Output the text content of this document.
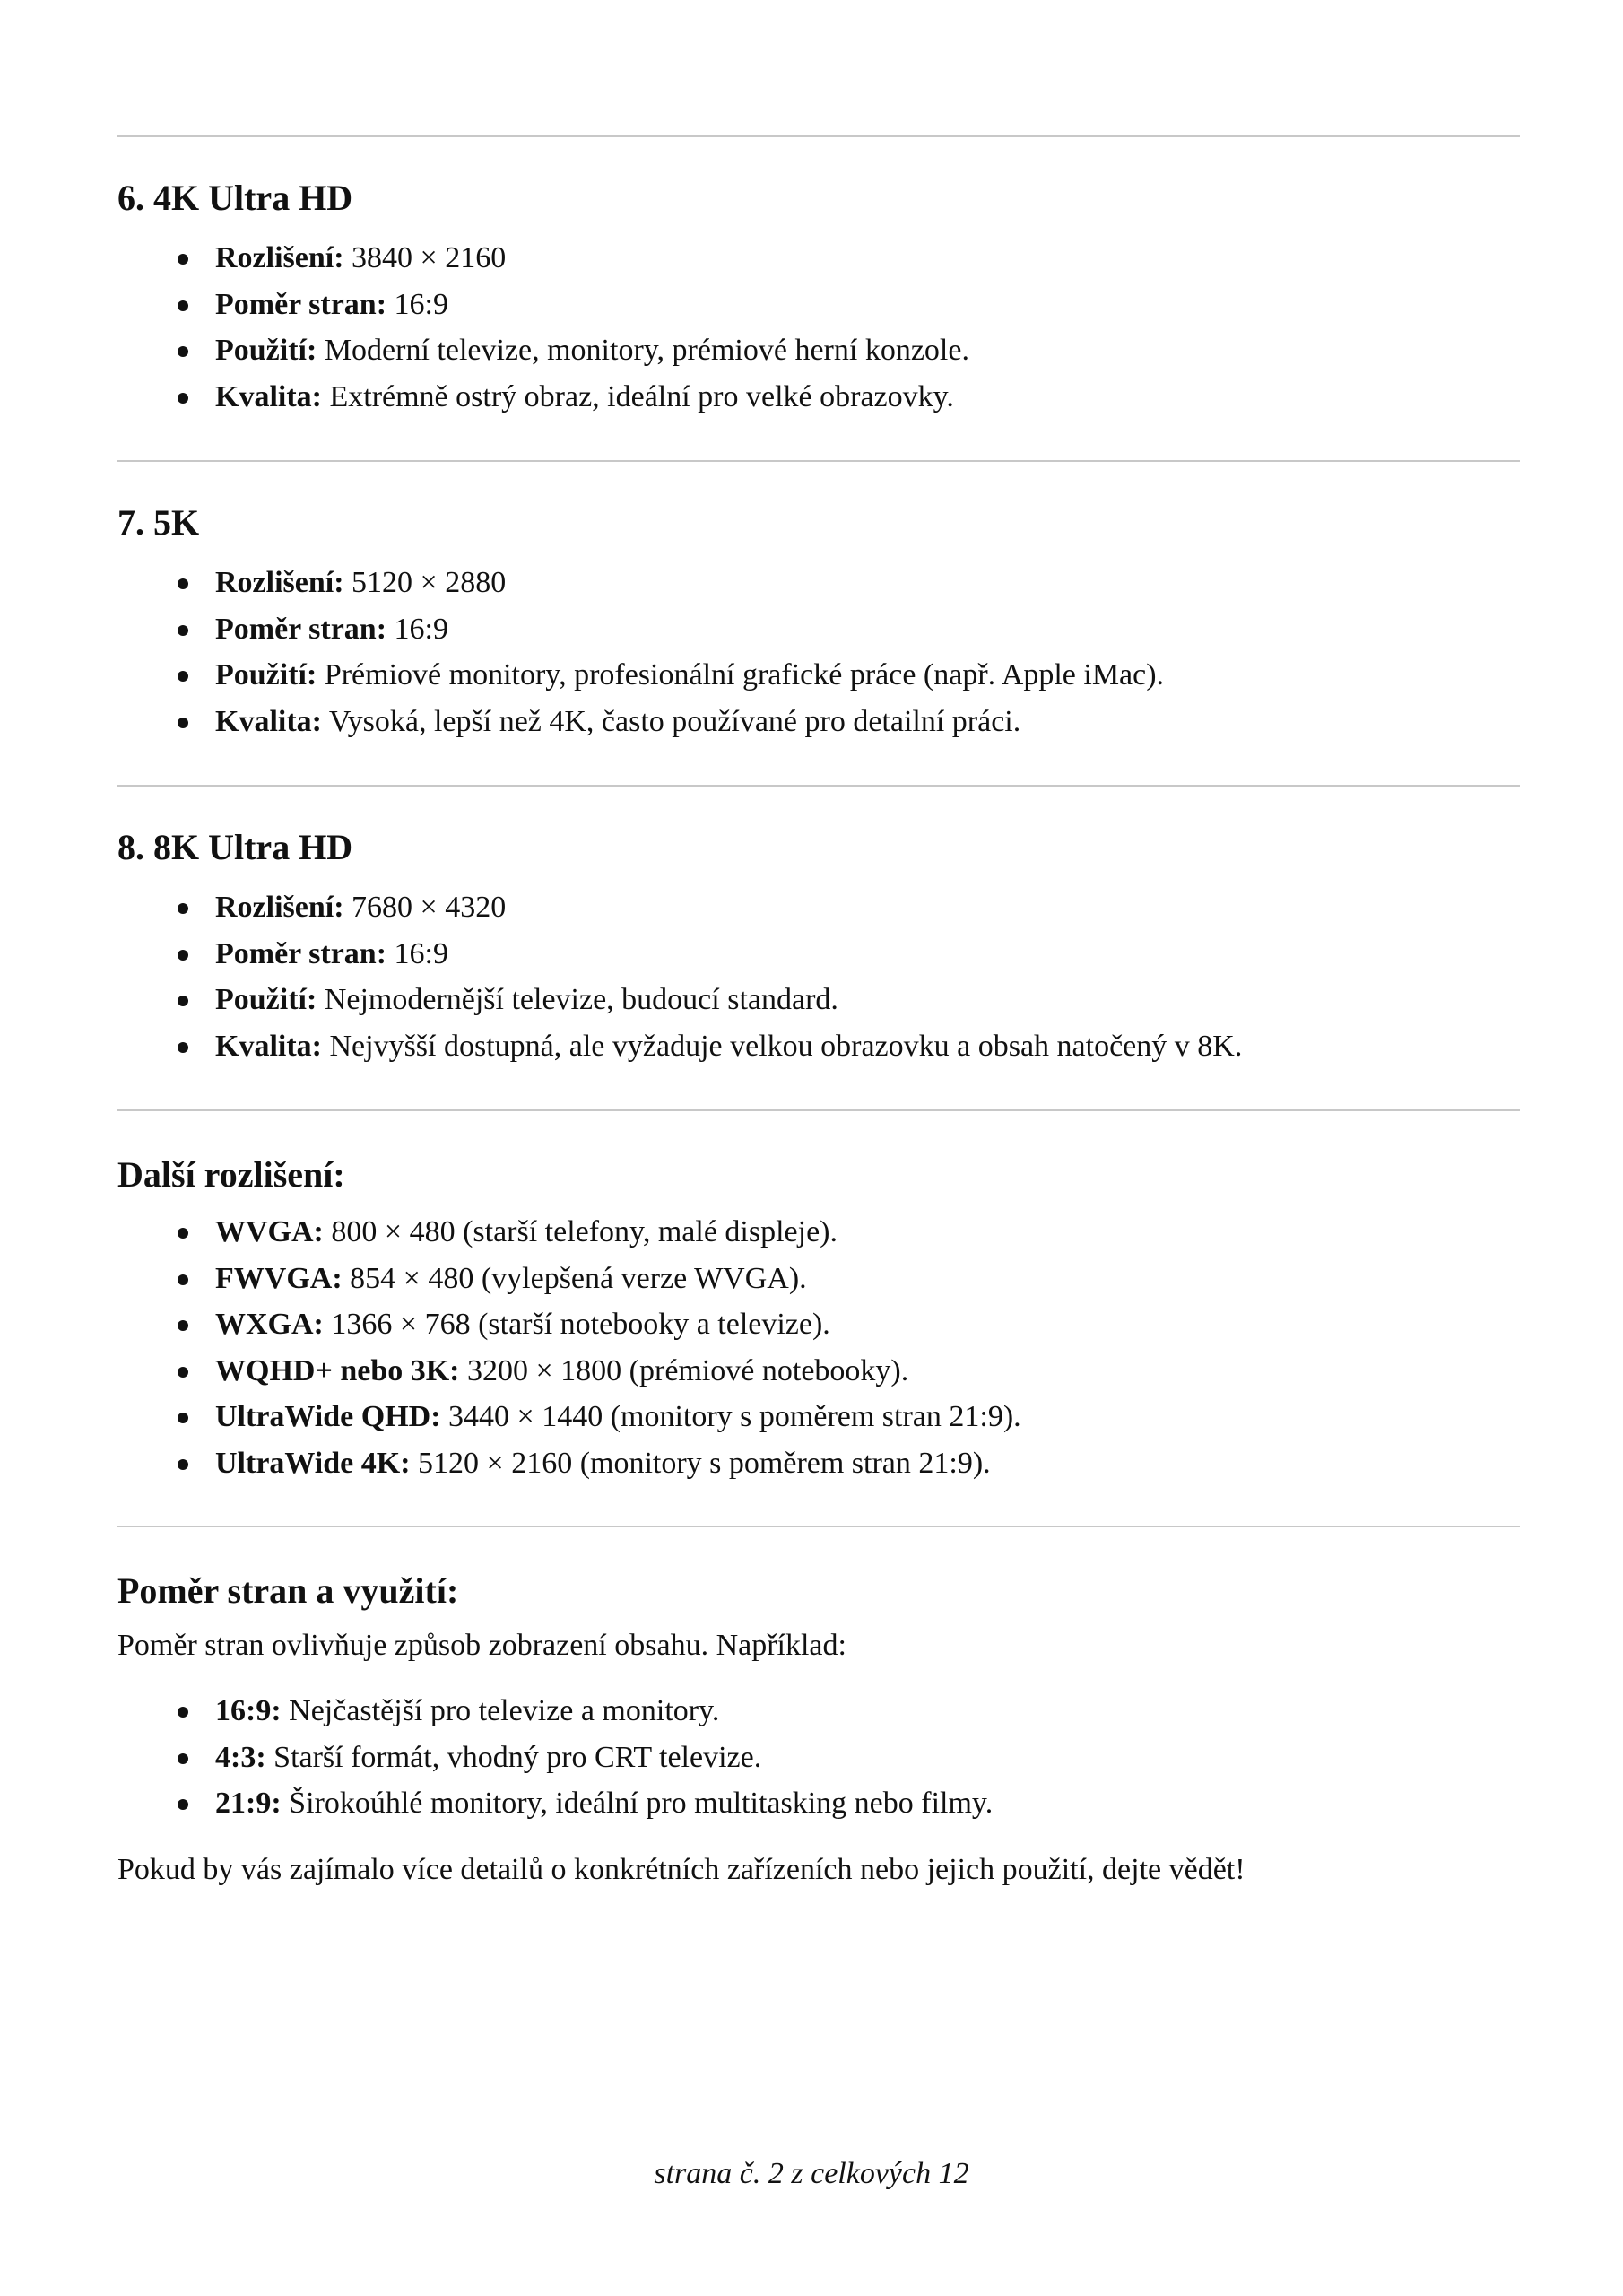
6. 4K Ultra HD
Rozlišení: 3840 × 2160
Poměr stran: 16:9
Použití: Moderní televize, monitory, prémiové herní konzole.
Kvalita: Extrémně ostrý obraz, ideální pro velké obrazovky.
7. 5K
Rozlišení: 5120 × 2880
Poměr stran: 16:9
Použití: Prémiové monitory, profesionální grafické práce (např. Apple iMac).
Kvalita: Vysoká, lepší než 4K, často používané pro detailní práci.
8. 8K Ultra HD
Rozlišení: 7680 × 4320
Poměr stran: 16:9
Použití: Nejmodernější televize, budoucí standard.
Kvalita: Nejvyšší dostupná, ale vyžaduje velkou obrazovku a obsah natočený v 8K.
Další rozlišení:
WVGA: 800 × 480 (starší telefony, malé displeje).
FWVGA: 854 × 480 (vylepšená verze WVGA).
WXGA: 1366 × 768 (starší notebooky a televize).
WQHD+ nebo 3K: 3200 × 1800 (prémiové notebooky).
UltraWide QHD: 3440 × 1440 (monitory s poměrem stran 21:9).
UltraWide 4K: 5120 × 2160 (monitory s poměrem stran 21:9).
Poměr stran a využití:

Poměr stran ovlivňuje způsob zobrazení obsahu. Například:

16:9: Nejčastější pro televize a monitory.
4:3: Starší formát, vhodný pro CRT televize.
21:9: Širokoúhlé monitory, ideální pro multitasking nebo filmy.

Pokud by vás zajímalo více detailů o konkrétních zařízeních nebo jejich použití, dejte vědět!

strana č. 2 z celkových 12
